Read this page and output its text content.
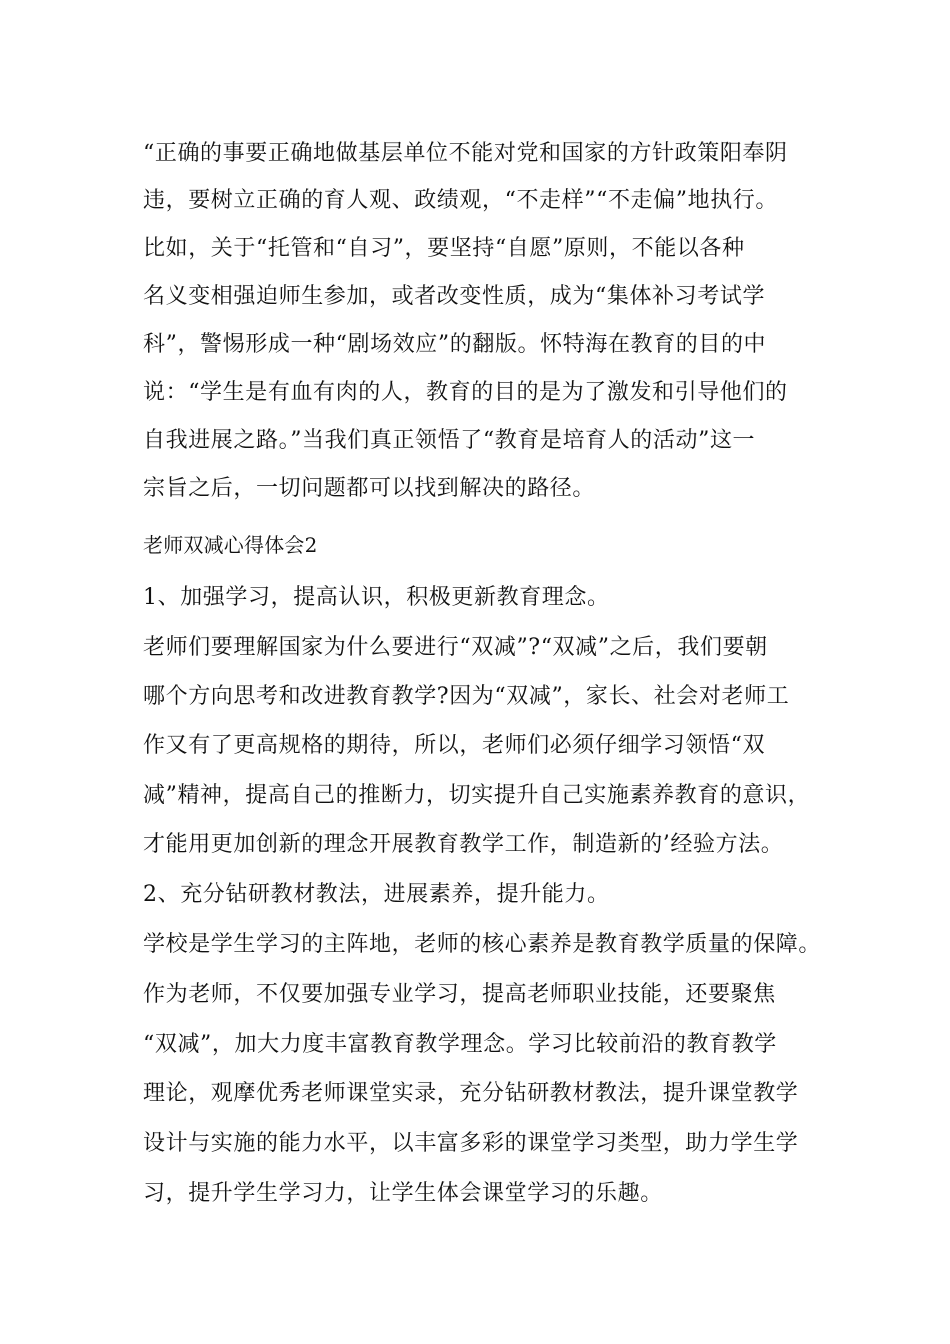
“正确的事要正确地做基层单位不能对党和国家的方针政策阳奉阴

违，要树立正确的育人观、政绩观，“不走样”“不走偏”地执行。

比如，关于“托管和“自习”，要坚持“自愿”原则，不能以各种

名义变相强迫师生参加，或者改变性质，成为“集体补习考试学

科”，警惕形成一种“剧场效应”的翻版。怀特海在教育的目的中

说：“学生是有血有肉的人，教育的目的是为了激发和引导他们的

自我进展之路。”当我们真正领悟了“教育是培育人的活动”这一

宗旨之后，一切问题都可以找到解决的路径。

老师双减心得体会2

1、加强学习，提高认识，积极更新教育理念。

老师们要理解国家为什么要进行“双减”?“双减”之后，我们要朝

哪个方向思考和改进教育教学?因为“双减”，家长、社会对老师工

作又有了更高规格的期待，所以，老师们必须仔细学习领悟“双

减”精神，提高自己的推断力，切实提升自己实施素养教育的意识，

才能用更加创新的理念开展教育教学工作，制造新的’经验方法。

2、充分钻研教材教法，进展素养，提升能力。

学校是学生学习的主阵地，老师的核心素养是教育教学质量的保障。

作为老师，不仅要加强专业学习，提高老师职业技能，还要聚焦

“双减”，加大力度丰富教育教学理念。学习比较前沿的教育教学

理论，观摩优秀老师课堂实录，充分钻研教材教法，提升课堂教学

设计与实施的能力水平，以丰富多彩的课堂学习类型，助力学生学

习，提升学生学习力，让学生体会课堂学习的乐趣。
